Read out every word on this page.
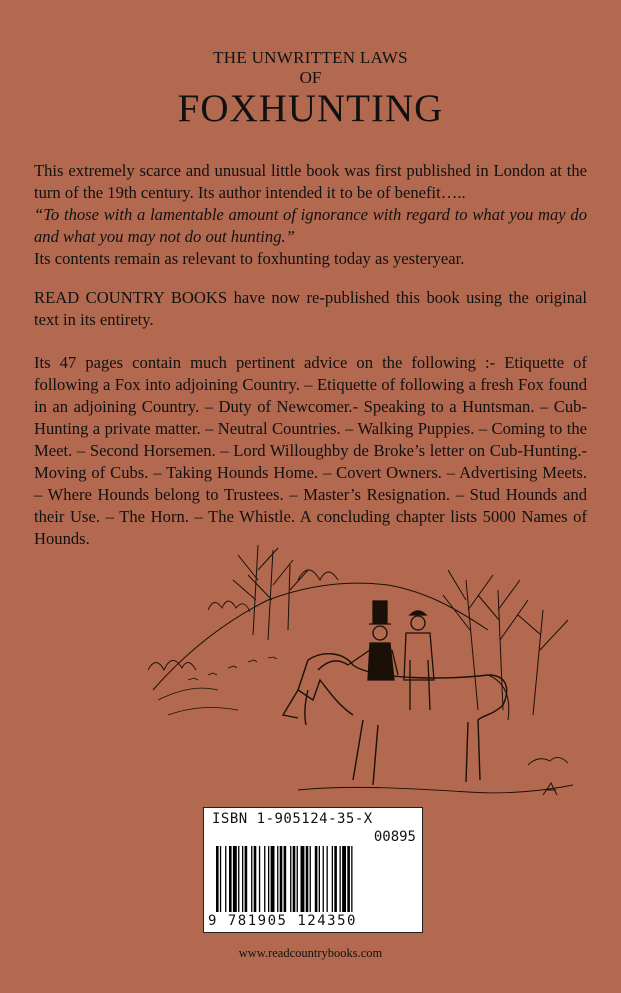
THE UNWRITTEN LAWS
OF
FOXHUNTING
This extremely scarce and unusual little book was first published in London at the turn of the 19th century. Its author intended it to be of benefit…..
“To those with a lamentable amount of ignorance with regard to what you may do and what you may not do out hunting.”
Its contents remain as relevant to foxhunting today as yesteryear.
READ COUNTRY BOOKS have now re-published this book using the original text in its entirety.
Its 47 pages contain much pertinent advice on the following :- Etiquette of following a Fox into adjoining Country. – Etiquette of following a fresh Fox found in an adjoining Country. – Duty of Newcomer.- Speaking to a Huntsman. – Cub-Hunting a private matter. – Neutral Countries. – Walking Puppies. – Coming to the Meet. – Second Horsemen. – Lord Willoughby de Broke’s letter on Cub-Hunting.- Moving of Cubs. – Taking Hounds Home. – Covert Owners. – Advertising Meets. – Where Hounds belong to Trustees. – Master’s Resignation. – Stud Hounds and their Use. – The Horn. – The Whistle. A concluding chapter lists 5000 Names of Hounds.
ISBN 1-905124-35-X
00895
9 781905 124350
www.readcountrybooks.com
